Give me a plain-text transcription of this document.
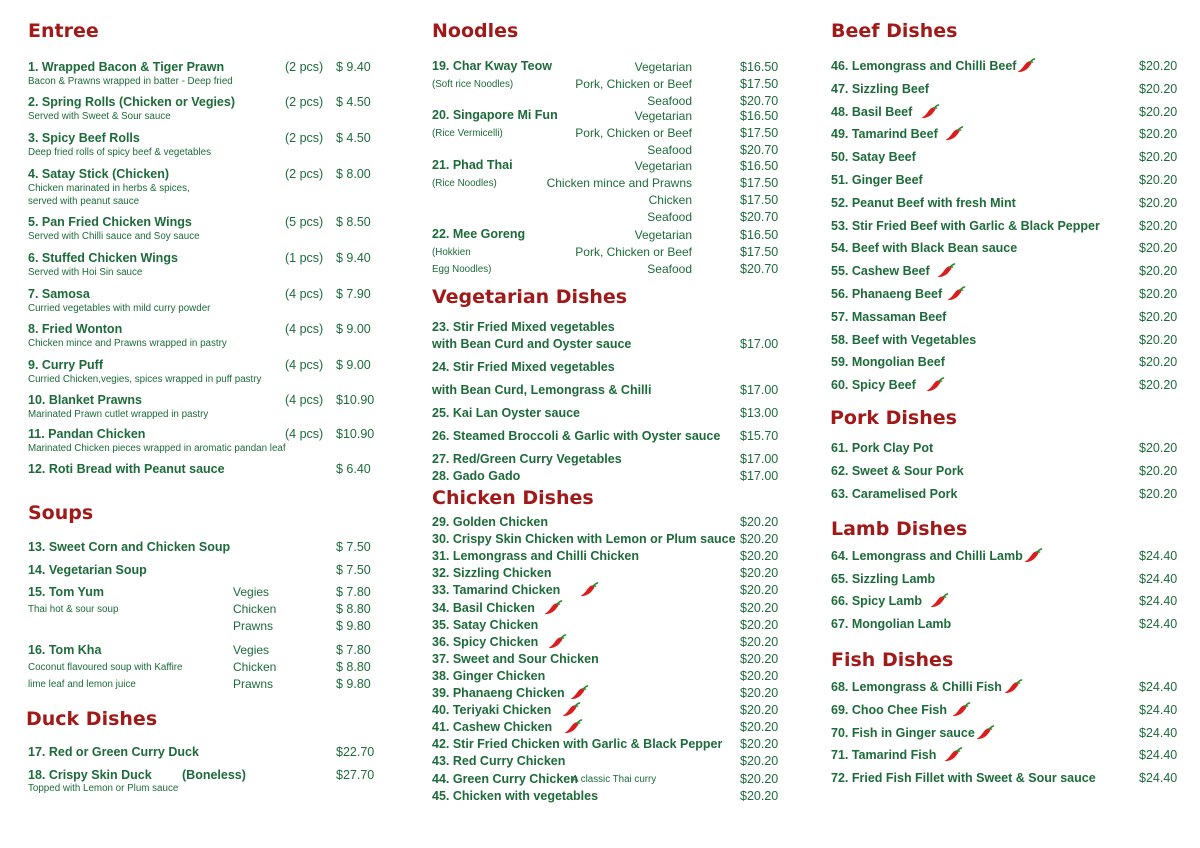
Entree
1. Wrapped Bacon & Tiger Prawn	(2 pcs) $ 9.40
Bacon & Prawns wrapped in batter - Deep fried
2. Spring Rolls (Chicken or Vegies)	(2 pcs) $ 4.50
Served with Sweet & Sour sauce
3. Spicy Beef Rolls	(2 pcs) $ 4.50
Deep fried rolls of spicy beef & vegetables
4. Satay Stick (Chicken)	(2 pcs) $ 8.00
Chicken marinated in herbs & spices,
served with peanut sauce
5. Pan Fried Chicken Wings	(5 pcs) $ 8.50
Served with Chilli sauce and Soy sauce
6. Stuffed Chicken Wings	(1 pcs) $ 9.40
Served with Hoi Sin sauce
7. Samosa	(4 pcs) $ 7.90
Curried vegetables with mild curry powder
8. Fried Wonton	(4 pcs) $ 9.00
Chicken mince and Prawns wrapped in pastry
9. Curry Puff	(4 pcs) $ 9.00
Curried Chicken,vegies, spices wrapped in puff pastry
10. Blanket Prawns	(4 pcs) $10.90
Marinated Prawn cutlet wrapped in pastry
11. Pandan Chicken	(4 pcs) $10.90
Marinated Chicken pieces wrapped in aromatic pandan leaf
12. Roti Bread with Peanut sauce	$ 6.40
Soups
13. Sweet Corn and Chicken Soup	$ 7.50
14. Vegetarian Soup	$ 7.50
15. Tom Yum
Thai hot & sour soup
Vegies	$ 7.80
Chicken	$ 8.80
Prawns	$ 9.80
16. Tom Kha
Coconut flavoured soup with Kaffire
lime leaf and lemon juice
Vegies	$ 7.80
Chicken	$ 8.80
Prawns	$ 9.80
Duck Dishes
17. Red or Green Curry Duck	$22.70
18. Crispy Skin Duck (Boneless)	$27.70
Topped with Lemon or Plum sauce
Noodles
19. Char Kway Teow
(Soft rice Noodles)
Vegetarian	$16.50
Pork, Chicken or Beef	$17.50
Seafood	$20.70
20. Singapore Mi Fun
(Rice Vermicelli)
Vegetarian	$16.50
Pork, Chicken or Beef	$17.50
Seafood	$20.70
21. Phad Thai
(Rice Noodles)
Vegetarian	$16.50
Chicken mince and Prawns	$17.50
Chicken	$17.50
Seafood	$20.70
22. Mee Goreng
(Hokkien
Egg Noodles)
Vegetarian	$16.50
Pork, Chicken or Beef	$17.50
Seafood	$20.70
Vegetarian Dishes
23. Stir Fried Mixed vegetables
with Bean Curd and Oyster sauce	$17.00
24. Stir Fried Mixed vegetables
with Bean Curd, Lemongrass & Chilli	$17.00
25. Kai Lan Oyster sauce	$13.00
26. Steamed Broccoli & Garlic with Oyster sauce $15.70
27. Red/Green Curry Vegetables	$17.00
28. Gado Gado	$17.00
Chicken Dishes
29. Golden Chicken	$20.20
30. Crispy Skin Chicken with Lemon or Plum sauce $20.20
31. Lemongrass and Chilli Chicken	$20.20
32. Sizzling Chicken	$20.20
33. Tamarind Chicken	$20.20
34. Basil Chicken	$20.20
35. Satay Chicken	$20.20
36. Spicy Chicken	$20.20
37. Sweet and Sour Chicken	$20.20
38. Ginger Chicken	$20.20
39. Phanaeng Chicken	$20.20
40. Teriyaki Chicken	$20.20
41. Cashew Chicken	$20.20
42. Stir Fried Chicken with Garlic & Black Pepper $20.20
43. Red Curry Chicken	$20.20
44. Green Curry Chicken
A classic Thai curry	$20.20
45. Chicken with vegetables	$20.20
Beef Dishes
46. Lemongrass and Chilli Beef	$20.20
47. Sizzling Beef	$20.20
48. Basil Beef	$20.20
49. Tamarind Beef	$20.20
50. Satay Beef	$20.20
51. Ginger Beef	$20.20
52. Peanut Beef with fresh Mint	$20.20
53. Stir Fried Beef with Garlic & Black Pepper	$20.20
54. Beef with Black Bean sauce	$20.20
55. Cashew Beef	$20.20
56. Phanaeng Beef	$20.20
57. Massaman Beef	$20.20
58. Beef with Vegetables	$20.20
59. Mongolian Beef	$20.20
60. Spicy Beef	$20.20
Pork Dishes
61. Pork Clay Pot	$20.20
62. Sweet & Sour Pork	$20.20
63. Caramelised Pork	$20.20
Lamb Dishes
64. Lemongrass and Chilli Lamb	$24.40
65. Sizzling Lamb	$24.40
66. Spicy Lamb	$24.40
67. Mongolian Lamb	$24.40
Fish Dishes
68. Lemongrass & Chilli Fish	$24.40
69. Choo Chee Fish	$24.40
70. Fish in Ginger sauce	$24.40
71. Tamarind Fish	$24.40
72. Fried Fish Fillet with Sweet & Sour sauce	$24.40
